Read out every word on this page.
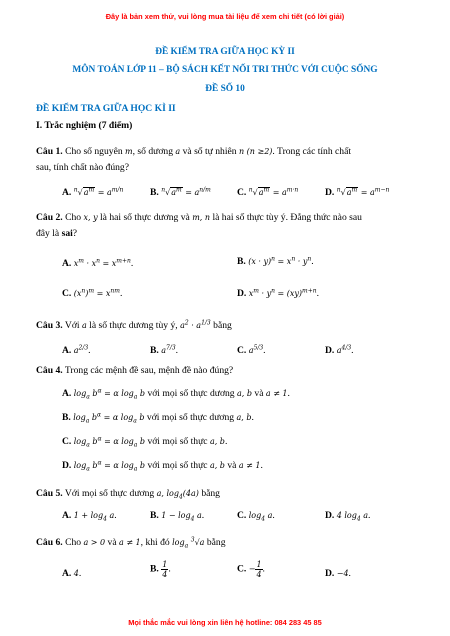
Đây là bản xem thử, vui lòng mua tài liệu để xem chi tiết (có lời giải)
ĐỀ KIỂM TRA GIỮA HỌC KỲ II
MÔN TOÁN LỚP 11 – BỘ SÁCH KẾT NỐI TRI THỨC VỚI CUỘC SỐNG
ĐỀ SỐ 10
ĐỀ KIỂM TRA GIỮA HỌC KÌ II
I. Trắc nghiệm (7 điểm)
Câu 1. Cho số nguyên m, số dương a và số tự nhiên n (n ≥2). Trong các tính chất
sau, tính chất nào đúng?
A. $^n√a^m = a^{m/n}$	B. $^n√a^m = a^{n/m}$	C. $^n√a^m = a^{m\cdot n}$	D. $^n√a^m = a^{m-n}$
Câu 2. Cho x, y là hai số thực dương và m, n là hai số thực tùy ý. Đẳng thức nào sau
đây là sai?
A. $x^m \cdot x^n = x^{m+n}$.	B. $(x \cdot y)^n = x^n \cdot y^n$.
C. $(x^n)^m = x^{nm}$.	D. $x^m \cdot y^n = (xy)^{m+n}$.
Câu 3. Với a là số thực dương tùy ý, $a^2 \cdot a^{1/3}$ bằng
A. $a^{2/3}$.	B. $a^{7/3}$.	C. $a^{5/3}$.	D. $a^{4/3}$.
Câu 4. Trong các mệnh đề sau, mệnh đề nào đúng?
A. $\log_a b^\alpha = \alpha$ $\log_a b$ với mọi số thực dương a, b và a ≠ 1.
B. $\log_a b^\alpha = \alpha$ $\log_a b$ với mọi số thực dương a, b.
C. $\log_a b^\alpha = \alpha$ $\log_a b$ với mọi số thực a, b.
D. $\log_a b^\alpha = \alpha$ $\log_a b$ với mọi số thực a, b và a ≠ 1.
Câu 5. Với mọi số thực dương a, $\log_4(4a)$ bằng
A. $1 + \log_4 a$.	B. $1 - \log_4 a$.	C. $\log_4 a$.	D. 4 $\log_4 a$.
Câu 6. Cho a > 0 và a ≠ 1, khi đó $\log_a ^3√a$ bằng
A. 4.	B. $\frac{1}{4}$ .	C. − $\frac{1}{4}$ .	D. −4.
Mọi thắc mắc vui lòng xin liên hệ hotline: 084 283 45 85
